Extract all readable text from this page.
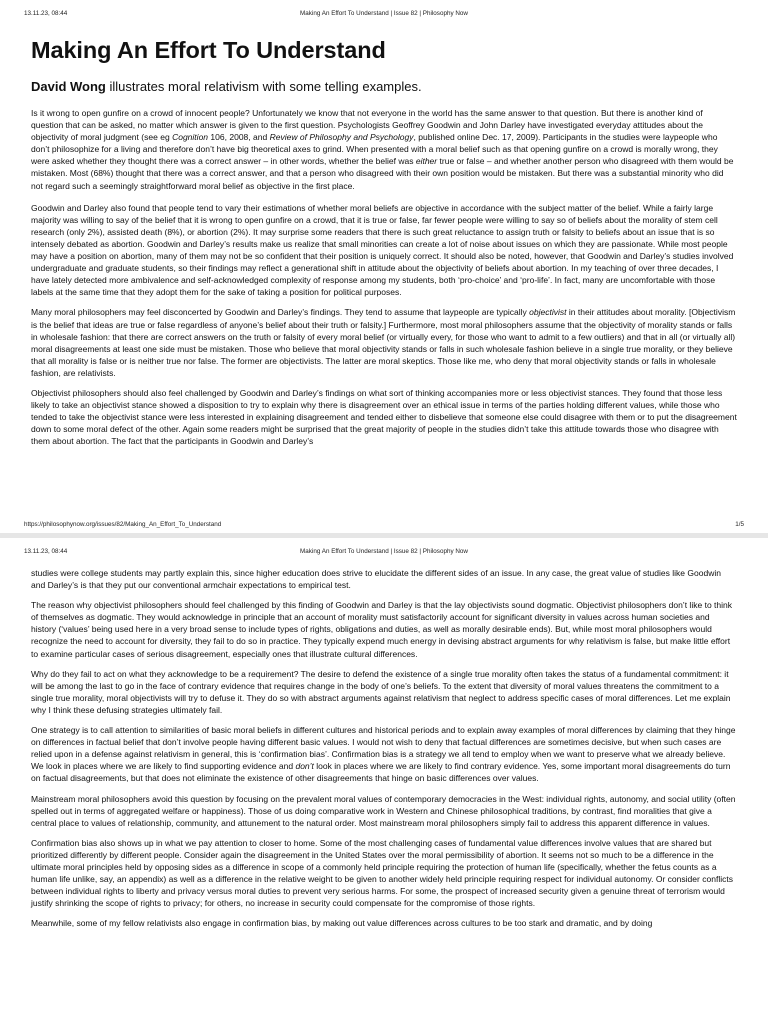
13.11.23, 08:44	Making An Effort To Understand | Issue 82 | Philosophy Now
Making An Effort To Understand

David Wong illustrates moral relativism with some telling examples.

Is it wrong to open gunfire on a crowd of innocent people? Unfortunately we know that not everyone in the world has the same answer to that question. But there is another kind of question that can be asked, no matter which answer is given to the first question. Psychologists Geoffrey Goodwin and John Darley have investigated everyday attitudes about the objectivity of moral judgment (see eg Cognition 106, 2008, and Review of Philosophy and Psychology, published online Dec. 17, 2009). Participants in the studies were laypeople who don’t philosophize for a living and therefore don’t have big theoretical axes to grind. When presented with a moral belief such as that opening gunfire on a crowd is morally wrong, they were asked whether they thought there was a correct answer – in other words, whether the belief was either true or false – and whether another person who disagreed with them would be mistaken. Most (68%) thought that there was a correct answer, and that a person who disagreed with their own position would be mistaken. But there was a substantial minority who did not regard such a seemingly straightforward moral belief as objective in the first place.

Goodwin and Darley also found that people tend to vary their estimations of whether moral beliefs are objective in accordance with the subject matter of the belief. While a fairly large majority was willing to say of the belief that it is wrong to open gunfire on a crowd, that it is true or false, far fewer people were willing to say so of beliefs about the morality of stem cell research (only 2%), assisted death (8%), or abortion (2%). It may surprise some readers that there is such great reluctance to assign truth or falsity to beliefs about an issue that is so intensely debated as abortion. Goodwin and Darley’s results make us realize that small minorities can create a lot of noise about issues on which they are passionate. While most people may have a position on abortion, many of them may not be so confident that their position is uniquely correct. It should also be noted, however, that Goodwin and Darley’s studies involved undergraduate and graduate students, so their findings may reflect a generational shift in attitude about the objectivity of beliefs about abortion. In my teaching of over three decades, I have lately detected more ambivalence and self-acknowledged complexity of response among my students, both ‘pro-choice’ and ‘pro-life’. In fact, many are uncomfortable with those labels at the same time that they adopt them for the sake of taking a position for political purposes.

Many moral philosophers may feel disconcerted by Goodwin and Darley’s findings. They tend to assume that laypeople are typically objectivist in their attitudes about morality. [Objectivism is the belief that ideas are true or false regardless of anyone’s belief about their truth or falsity.] Furthermore, most moral philosophers assume that the objectivity of morality stands or falls in wholesale fashion: that there are correct answers on the truth or falsity of every moral belief (or virtually every, for those who want to admit to a few outliers) and that in all (or virtually all) moral disagreements at least one side must be mistaken. Those who believe that moral objectivity stands or falls in such wholesale fashion believe in a single true morality, or they believe that all morality is false or is neither true nor false. The former are objectivists. The latter are moral skeptics. Those like me, who deny that moral objectivity stands or falls in wholesale fashion, are relativists.

Objectivist philosophers should also feel challenged by Goodwin and Darley’s findings on what sort of thinking accompanies more or less objectivist stances. They found that those less likely to take an objectivist stance showed a disposition to try to explain why there is disagreement over an ethical issue in terms of the parties holding different values, while those who tended to take the objectivist stance were less interested in explaining disagreement and tended either to disbelieve that someone else could disagree with them or to put the disagreement down to some moral defect of the other. Again some readers might be surprised that the great majority of people in the studies didn’t take this attitude towards those who disagree with them about abortion. The fact that the participants in Goodwin and Darley’s

https://philosophynow.org/issues/82/Making_An_Effort_To_Understand	1/5
13.11.23, 08:44	Making An Effort To Understand | Issue 82 | Philosophy Now

studies were college students may partly explain this, since higher education does strive to elucidate the different sides of an issue. In any case, the great value of studies like Goodwin and Darley’s is that they put our conventional armchair expectations to empirical test.

The reason why objectivist philosophers should feel challenged by this finding of Goodwin and Darley is that the lay objectivists sound dogmatic. Objectivist philosophers don’t like to think of themselves as dogmatic. They would acknowledge in principle that an account of morality must satisfactorily account for significant diversity in values across human societies and history (‘values’ being used here in a very broad sense to include types of rights, obligations and duties, as well as morally desirable ends). But, while most moral philosophers would recognize the need to account for diversity, they fail to do so in practice. They typically expend much energy in devising abstract arguments for why relativism is false, but make little effort to examine particular cases of serious disagreement, especially ones that illustrate cultural differences.

Why do they fail to act on what they acknowledge to be a requirement? The desire to defend the existence of a single true morality often takes the status of a fundamental commitment: it will be among the last to go in the face of contrary evidence that requires change in the body of one’s beliefs. To the extent that diversity of moral values threatens the commitment to a single true morality, moral objectivists will try to defuse it. They do so with abstract arguments against relativism that neglect to address specific cases of moral differences. Let me explain why I think these defusing strategies ultimately fail.

One strategy is to call attention to similarities of basic moral beliefs in different cultures and historical periods and to explain away examples of moral differences by claiming that they hinge on differences in factual belief that don’t involve people having different basic values. I would not wish to deny that factual differences are sometimes decisive, but when such cases are relied upon in a defense against relativism in general, this is ‘confirmation bias’. Confirmation bias is a strategy we all tend to employ when we want to preserve what we already believe. We look in places where we are likely to find supporting evidence and don’t look in places where we are likely to find contrary evidence. Yes, some important moral disagreements do turn on factual disagreements, but that does not eliminate the existence of other disagreements that hinge on basic differences over values.

Mainstream moral philosophers avoid this question by focusing on the prevalent moral values of contemporary democracies in the West: individual rights, autonomy, and social utility (often spelled out in terms of aggregated welfare or happiness). Those of us doing comparative work in Western and Chinese philosophical traditions, by contrast, find moralities that give a central place to values of relationship, community, and attunement to the natural order. Most mainstream moral philosophers simply fail to address this apparent difference in values.

Confirmation bias also shows up in what we pay attention to closer to home. Some of the most challenging cases of fundamental value differences involve values that are shared but prioritized differently by different people. Consider again the disagreement in the United States over the moral permissibility of abortion. It seems not so much to be a difference in the ultimate moral principles held by opposing sides as a difference in scope of a commonly held principle requiring the protection of human life (specifically, whether the fetus counts as a human life unlike, say, an appendix) as well as a difference in the relative weight to be given to another widely held principle requiring respect for individual autonomy. Or consider conflicts between individual rights to liberty and privacy versus moral duties to prevent very serious harms. For some, the prospect of increased security given a genuine threat of terrorism would justify shrinking the scope of rights to privacy; for others, no increase in security could compensate for the compromise of those rights.

Meanwhile, some of my fellow relativists also engage in confirmation bias, by making out value differences across cultures to be too stark and dramatic, and by doing
